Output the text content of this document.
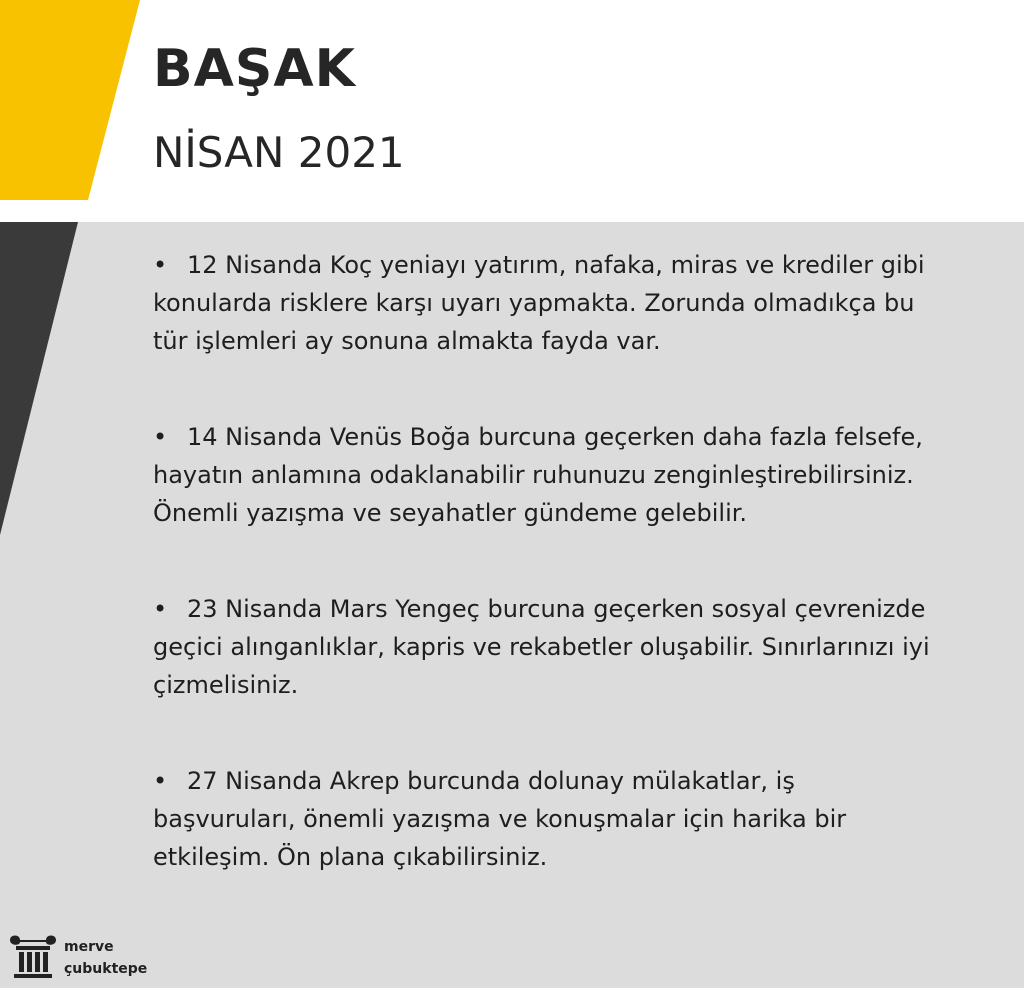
BAŞAK
NİSAN 2021
• 12 Nisanda Koç yeniayı yatırım, nafaka, miras ve krediler gibi konularda risklere karşı uyarı yapmakta. Zorunda olmadıkça bu tür işlemleri ay sonuna almakta fayda var.
• 14 Nisanda Venüs Boğa burcuna geçerken daha fazla felsefe, hayatın anlamına odaklanabilir ruhunuzu zenginleştirebilirsiniz. Önemli yazışma ve seyahatler gündeme gelebilir.
• 23 Nisanda Mars Yengeç burcuna geçerken sosyal çevrenizde geçici alınganlıklar, kapris ve rekabetler oluşabilir. Sınırlarınızı iyi çizmelisiniz.
• 27 Nisanda Akrep burcunda dolunay mülakatlar, iş başvuruları, önemli yazışma ve konuşmalar için harika bir etkileşim. Ön plana çıkabilirsiniz.
merve
çubuktepe
